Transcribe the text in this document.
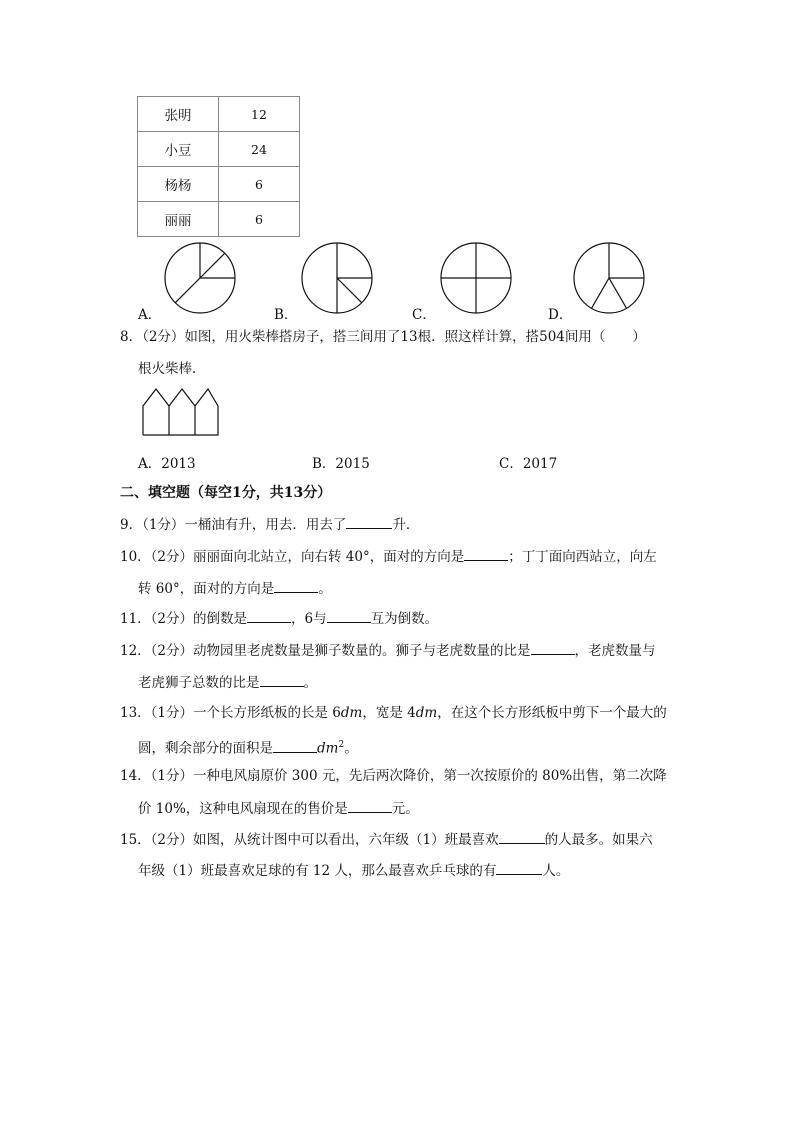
张明	12
小豆	24
杨杨	6
丽丽	6
A．	B．	C．	D．
8．（2分）如图，用火柴棒搭房子，搭三间用了13根．照这样计算，搭504间用（　　）
根火柴棒．
A．2013	B．2015	C．2017
二、填空题（每空1分，共13分）
9．（1分）一桶油有升，用去．用去了	升．
10．（2分）丽丽面向北站立，向右转 40°，面对的方向是	；丁丁面向西站立，向左
转 60°，面对的方向是	。
11．（2分）的倒数是	，6与	互为倒数。
12．（2分）动物园里老虎数量是狮子数量的。狮子与老虎数量的比是	，老虎数量与
老虎狮子总数的比是	。
13．（1分）一个长方形纸板的长是 6dm，宽是 4dm，在这个长方形纸板中剪下一个最大的
圆，剩余部分的面积是	$dm^2$。
14．（1分）一种电风扇原价 300 元，先后两次降价，第一次按原价的 80%出售，第二次降
价 10%，这种电风扇现在的售价是	元。
15．（2分）如图，从统计图中可以看出，六年级（1）班最喜欢	的人最多。如果六
年级（1）班最喜欢足球的有 12 人，那么最喜欢乒乓球的有	人。
